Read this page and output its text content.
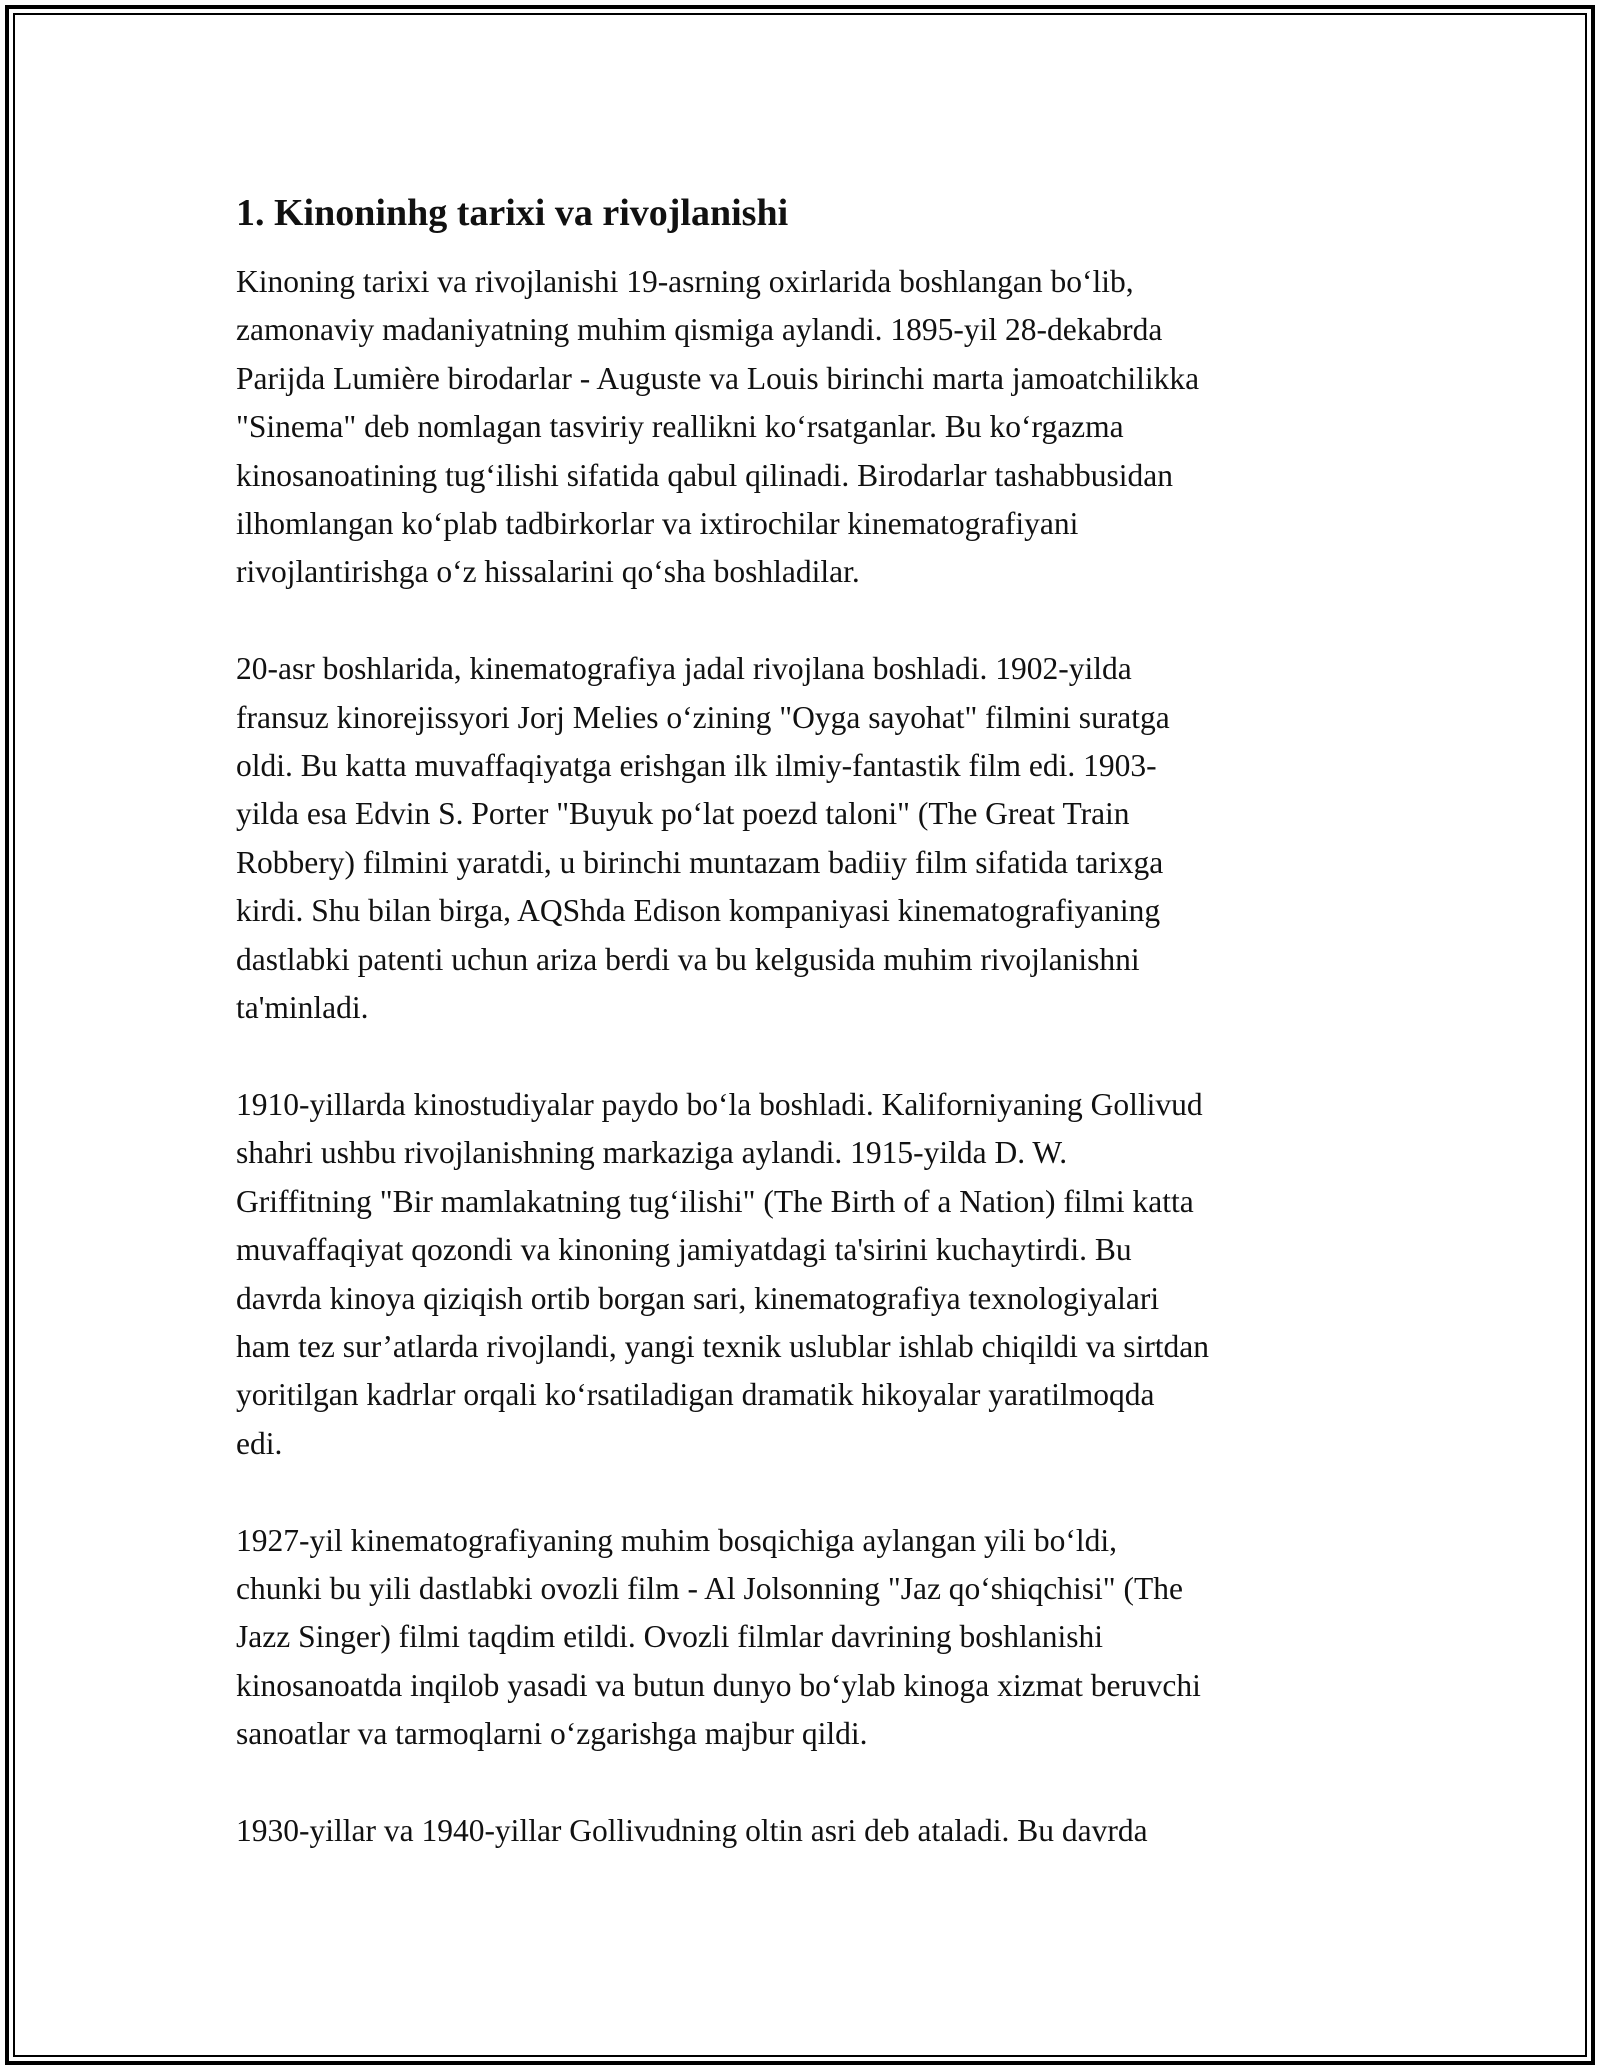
1. Kinoninhg tarixi va rivojlanishi
Kinoning tarixi va rivojlanishi 19-asrning oxirlarida boshlangan bo‘lib,
zamonaviy madaniyatning muhim qismiga aylandi. 1895-yil 28-dekabrda
Parijda Lumière birodarlar - Auguste va Louis birinchi marta jamoatchilikka
"Sinema" deb nomlagan tasviriy reallikni ko‘rsatganlar. Bu ko‘rgazma
kinosanoatining tug‘ilishi sifatida qabul qilinadi. Birodarlar tashabbusidan
ilhomlangan ko‘plab tadbirkorlar va ixtirochilar kinematografiyani
rivojlantirishga o‘z hissalarini qo‘sha boshladilar.
20-asr boshlarida, kinematografiya jadal rivojlana boshladi. 1902-yilda
fransuz kinorejissyori Jorj Melies o‘zining "Oyga sayohat" filmini suratga
oldi. Bu katta muvaffaqiyatga erishgan ilk ilmiy-fantastik film edi. 1903-
yilda esa Edvin S. Porter "Buyuk po‘lat poezd taloni" (The Great Train
Robbery) filmini yaratdi, u birinchi muntazam badiiy film sifatida tarixga
kirdi. Shu bilan birga, AQShda Edison kompaniyasi kinematografiyaning
dastlabki patenti uchun ariza berdi va bu kelgusida muhim rivojlanishni
ta'minladi.
1910-yillarda kinostudiyalar paydo bo‘la boshladi. Kaliforniyaning Gollivud
shahri ushbu rivojlanishning markaziga aylandi. 1915-yilda D. W.
Griffitning "Bir mamlakatning tug‘ilishi" (The Birth of a Nation) filmi katta
muvaffaqiyat qozondi va kinoning jamiyatdagi ta'sirini kuchaytirdi. Bu
davrda kinoya qiziqish ortib borgan sari, kinematografiya texnologiyalari
ham tez sur’atlarda rivojlandi, yangi texnik uslublar ishlab chiqildi va sirtdan
yoritilgan kadrlar orqali ko‘rsatiladigan dramatik hikoyalar yaratilmoqda
edi.
1927-yil kinematografiyaning muhim bosqichiga aylangan yili bo‘ldi,
chunki bu yili dastlabki ovozli film - Al Jolsonning "Jaz qo‘shiqchisi" (The
Jazz Singer) filmi taqdim etildi. Ovozli filmlar davrining boshlanishi
kinosanoatda inqilob yasadi va butun dunyo bo‘ylab kinoga xizmat beruvchi
sanoatlar va tarmoqlarni o‘zgarishga majbur qildi.
1930-yillar va 1940-yillar Gollivudning oltin asri deb ataladi. Bu davrda
